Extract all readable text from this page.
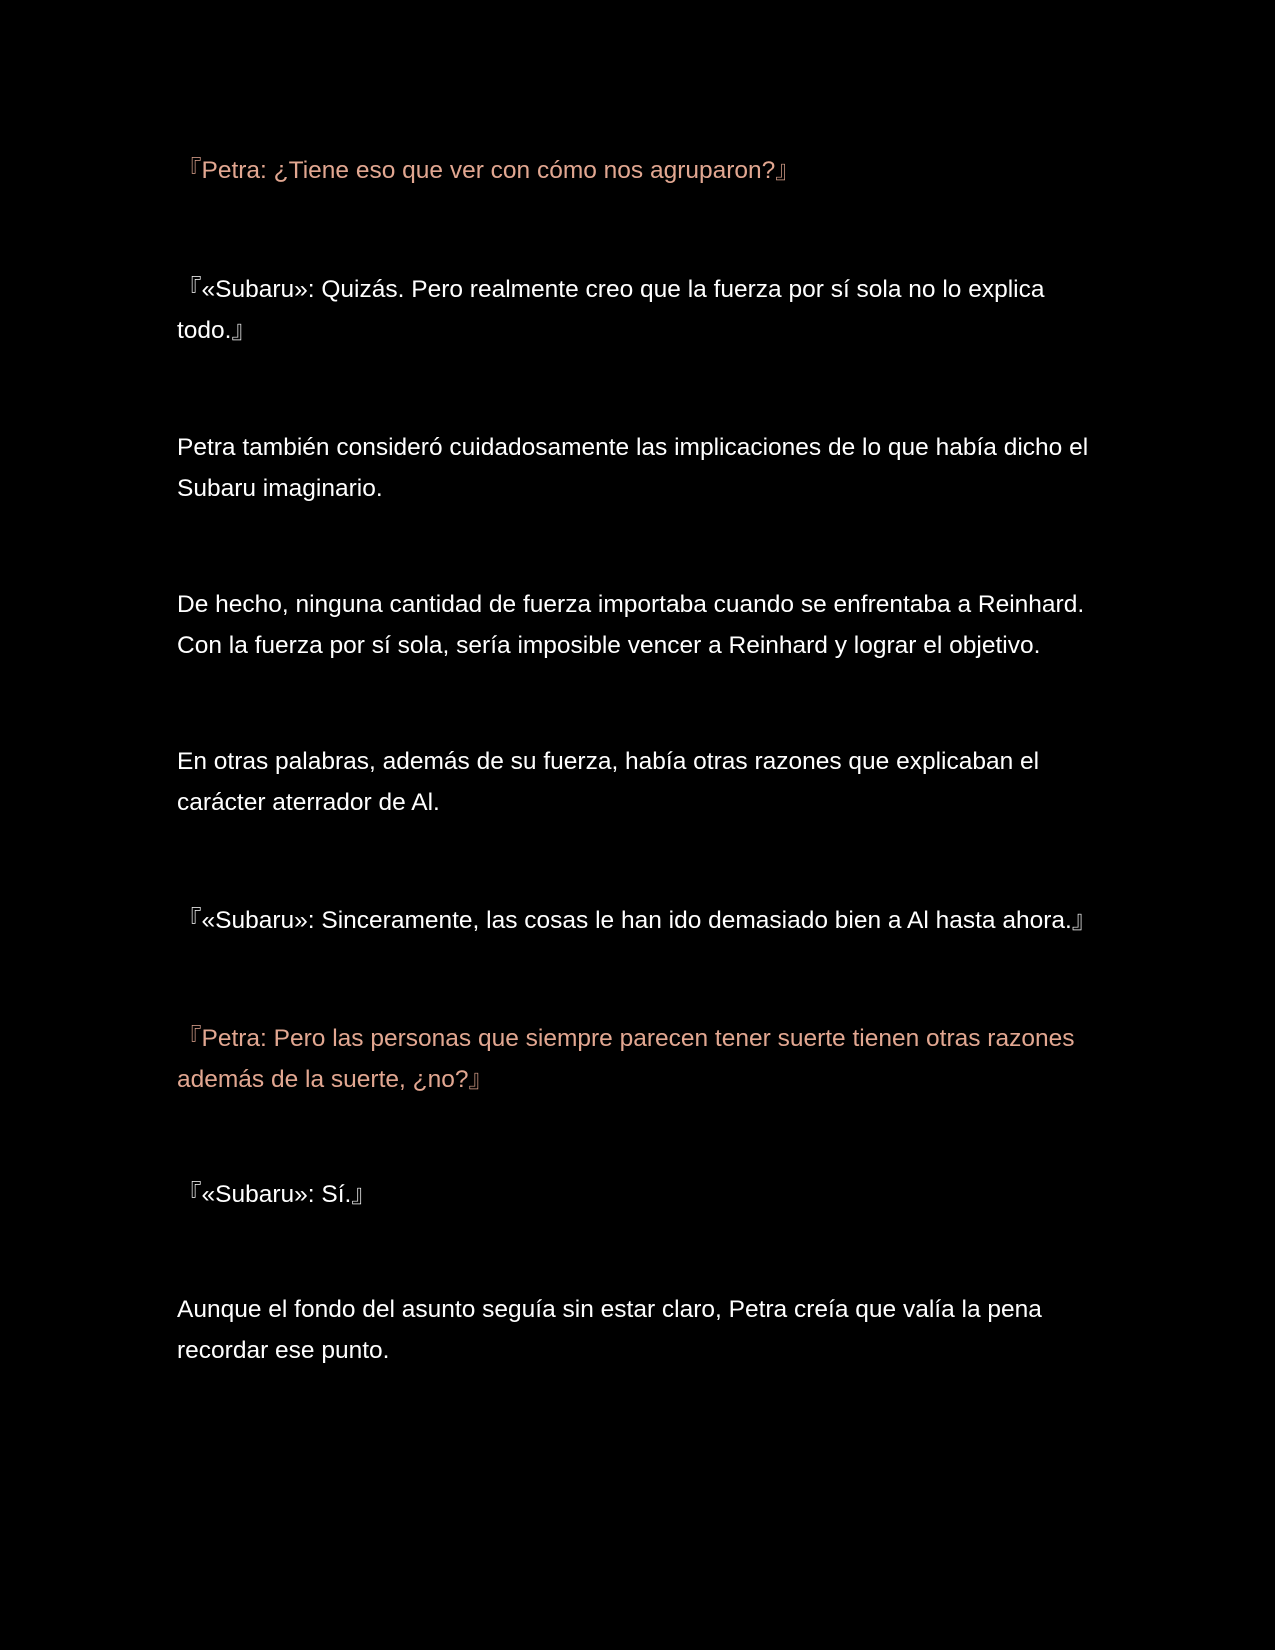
『Petra: ¿Tiene eso que ver con cómo nos agruparon?』

『«Subaru»: Quizás. Pero realmente creo que la fuerza por sí sola no lo explica todo.』

Petra también consideró cuidadosamente las implicaciones de lo que había dicho el Subaru imaginario.

De hecho, ninguna cantidad de fuerza importaba cuando se enfrentaba a Reinhard. Con la fuerza por sí sola, sería imposible vencer a Reinhard y lograr el objetivo.

En otras palabras, además de su fuerza, había otras razones que explicaban el carácter aterrador de Al.

『«Subaru»: Sinceramente, las cosas le han ido demasiado bien a Al hasta ahora.』

『Petra: Pero las personas que siempre parecen tener suerte tienen otras razones además de la suerte, ¿no?』

『«Subaru»: Sí.』

Aunque el fondo del asunto seguía sin estar claro, Petra creía que valía la pena recordar ese punto.
